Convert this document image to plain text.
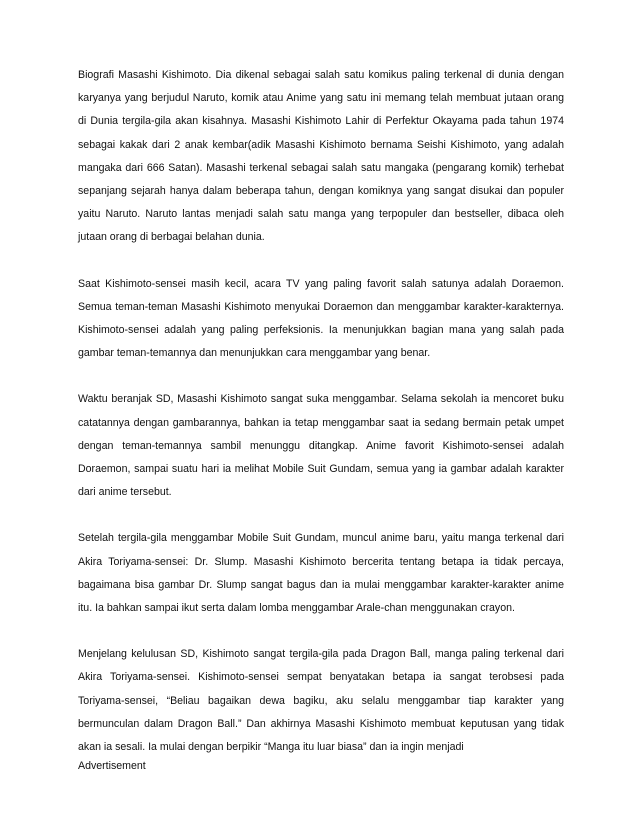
Biografi Masashi Kishimoto. Dia dikenal sebagai salah satu komikus paling terkenal di dunia dengan karyanya yang berjudul Naruto, komik atau Anime yang satu ini memang telah membuat jutaan orang di Dunia tergila-gila akan kisahnya. Masashi Kishimoto Lahir di Perfektur Okayama pada tahun 1974 sebagai kakak dari 2 anak kembar(adik Masashi Kishimoto bernama Seishi Kishimoto, yang adalah mangaka dari 666 Satan). Masashi terkenal sebagai salah satu mangaka (pengarang komik) terhebat sepanjang sejarah hanya dalam beberapa tahun, dengan komiknya yang sangat disukai dan populer yaitu Naruto. Naruto lantas menjadi salah satu manga yang terpopuler dan bestseller, dibaca oleh jutaan orang di berbagai belahan dunia.

Saat Kishimoto-sensei masih kecil, acara TV yang paling favorit salah satunya adalah Doraemon. Semua teman-teman Masashi Kishimoto menyukai Doraemon dan menggambar karakter-karakternya. Kishimoto-sensei adalah yang paling perfeksionis. Ia menunjukkan bagian mana yang salah pada gambar teman-temannya dan menunjukkan cara menggambar yang benar.

Waktu beranjak SD, Masashi Kishimoto sangat suka menggambar. Selama sekolah ia mencoret buku catatannya dengan gambarannya, bahkan ia tetap menggambar saat ia sedang bermain petak umpet dengan teman-temannya sambil menunggu ditangkap. Anime favorit Kishimoto-sensei adalah Doraemon, sampai suatu hari ia melihat Mobile Suit Gundam, semua yang ia gambar adalah karakter dari anime tersebut.

Setelah tergila-gila menggambar Mobile Suit Gundam, muncul anime baru, yaitu manga terkenal dari Akira Toriyama-sensei: Dr. Slump. Masashi Kishimoto bercerita tentang betapa ia tidak percaya, bagaimana bisa gambar Dr. Slump sangat bagus dan ia mulai menggambar karakter-karakter anime itu. Ia bahkan sampai ikut serta dalam lomba menggambar Arale-chan menggunakan crayon.

Menjelang kelulusan SD, Kishimoto sangat tergila-gila pada Dragon Ball, manga paling terkenal dari Akira Toriyama-sensei. Kishimoto-sensei sempat benyatakan betapa ia sangat terobsesi pada Toriyama-sensei, “Beliau bagaikan dewa bagiku, aku selalu menggambar tiap karakter yang bermunculan dalam Dragon Ball.” Dan akhirnya Masashi Kishimoto membuat keputusan yang tidak akan ia sesali. Ia mulai dengan berpikir “Manga itu luar biasa” dan ia ingin menjadi

Advertisement
